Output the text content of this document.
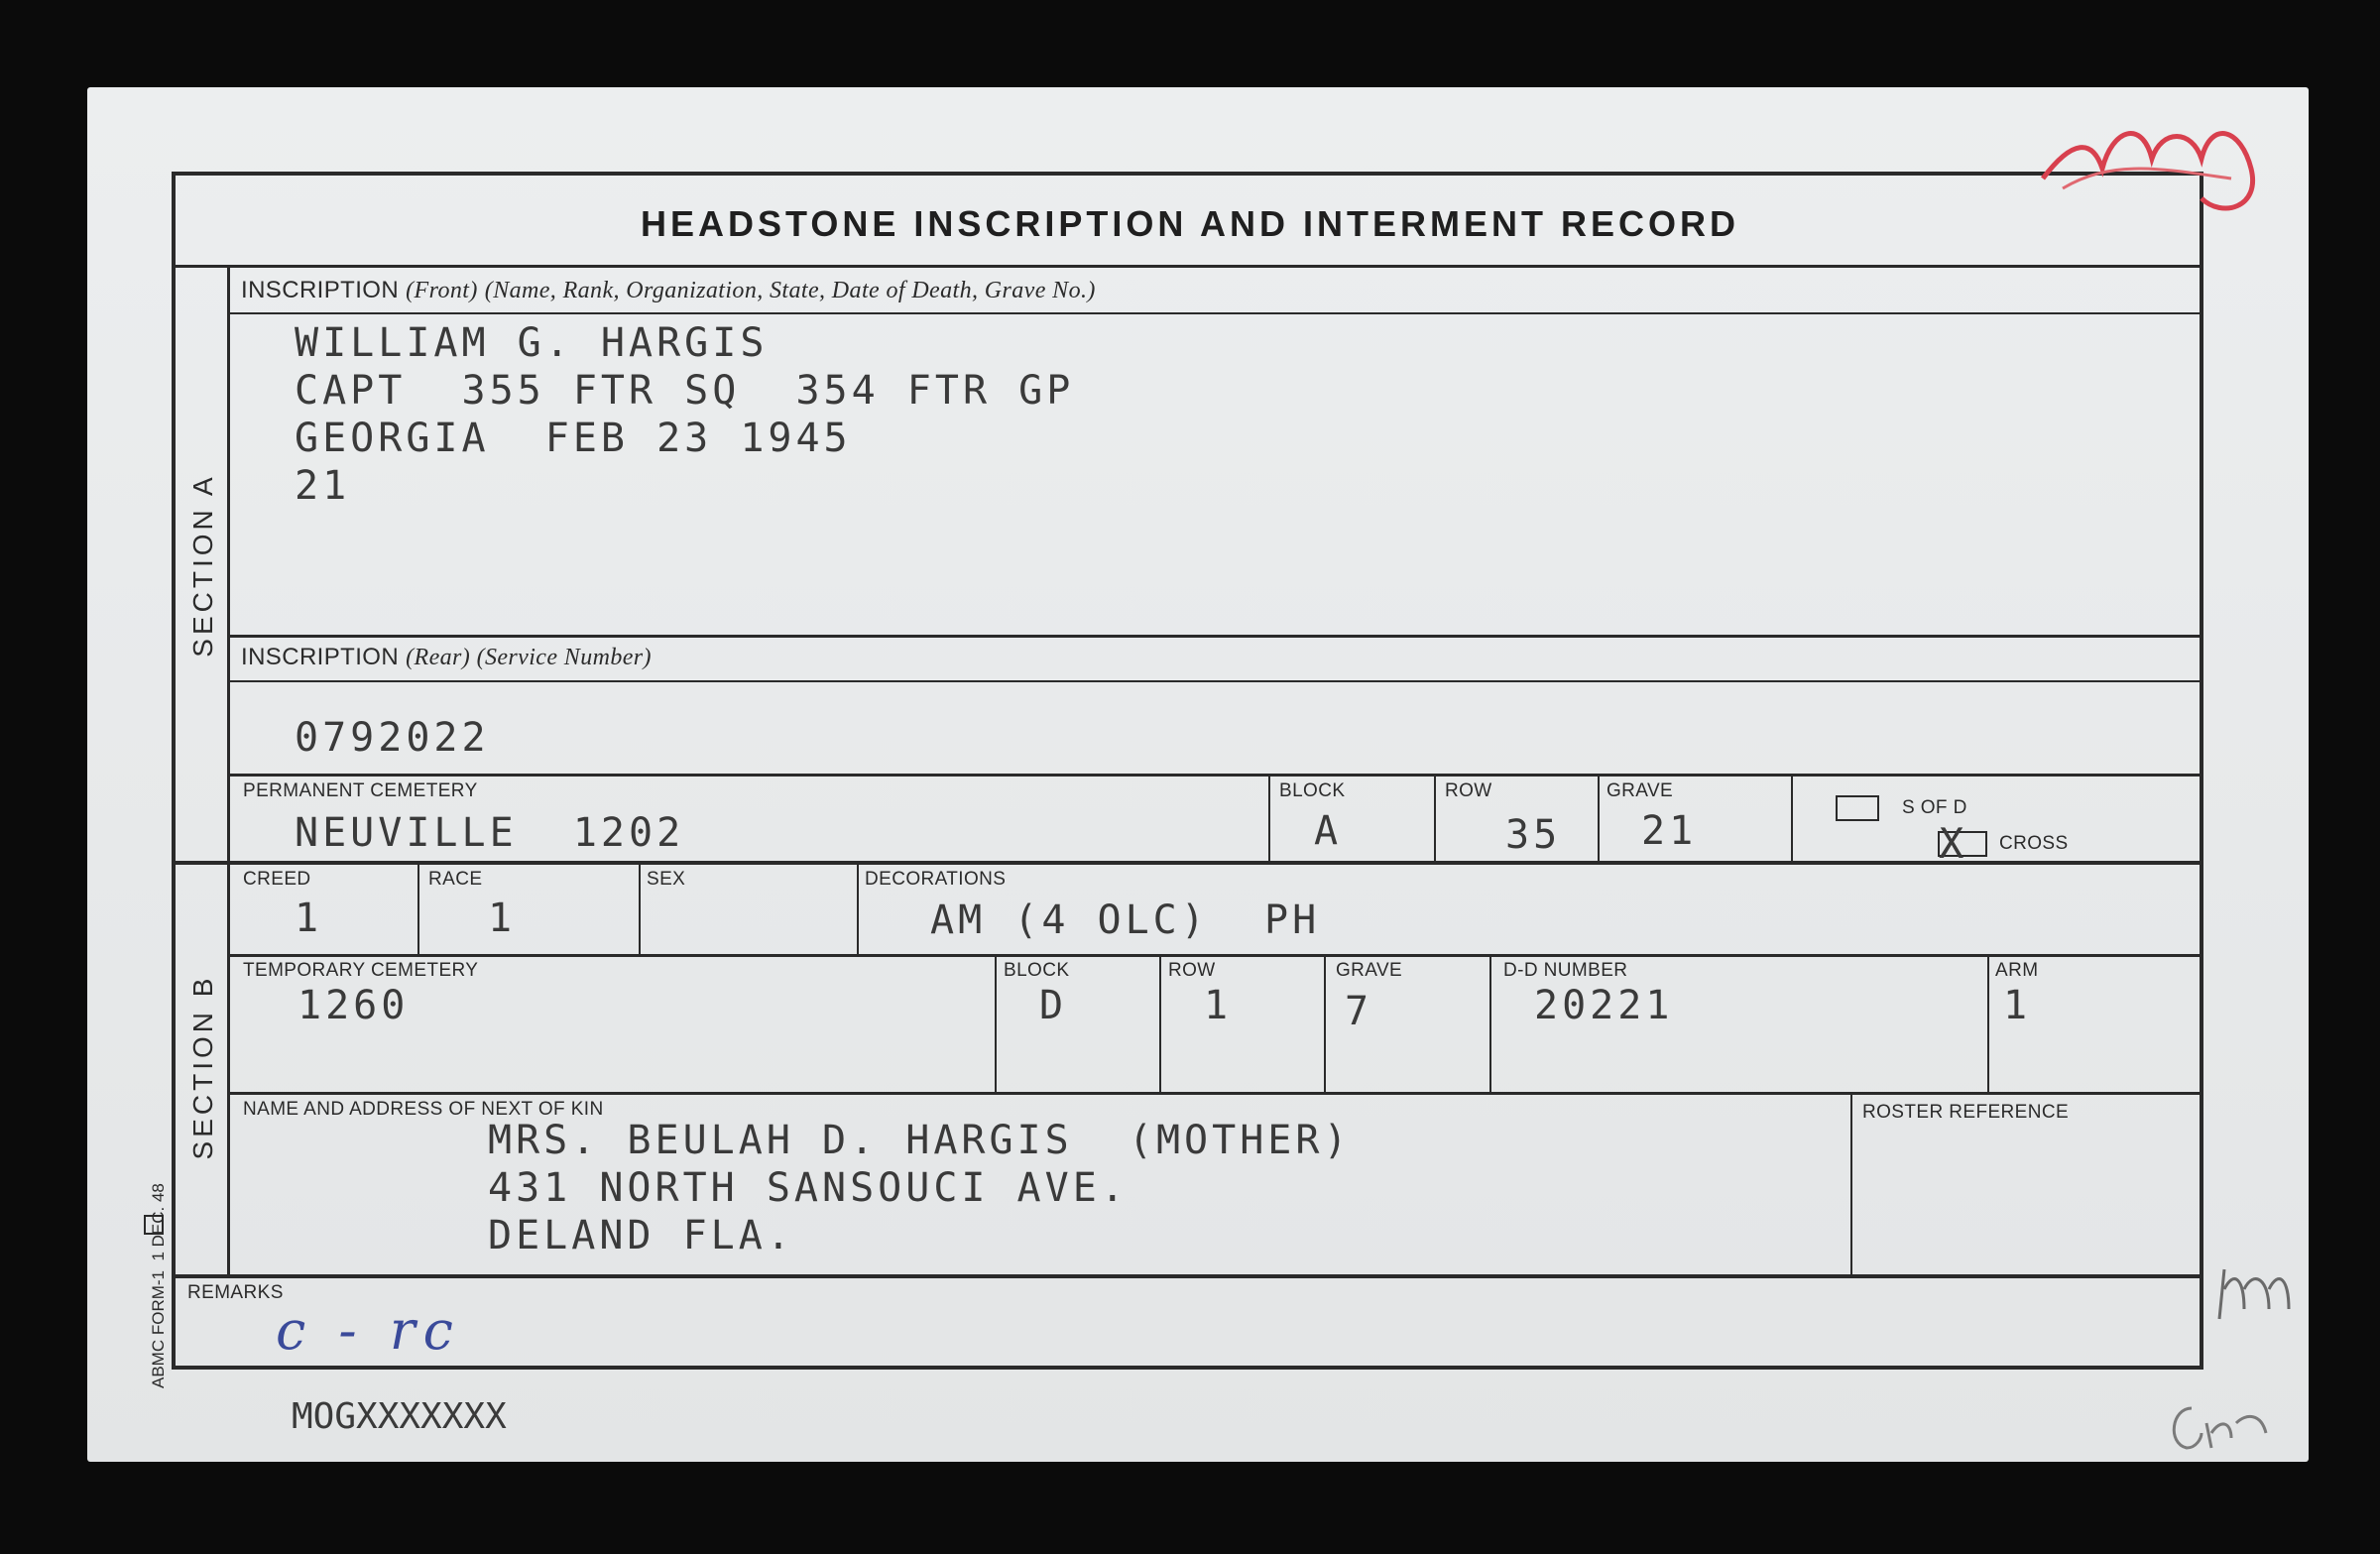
HEADSTONE INSCRIPTION AND INTERMENT RECORD
SECTION A
SECTION B
INSCRIPTION (Front) (Name, Rank, Organization, State, Date of Death, Grave No.)
WILLIAM G. HARGIS
CAPT  355 FTR SQ  354 FTR GP
GEORGIA  FEB 23 1945
21
INSCRIPTION (Rear) (Service Number)
0792022
PERMANENT CEMETERY
NEUVILLE  1202
BLOCK
A
ROW
35
GRAVE
21
S OF D
X CROSS
CREED
1
RACE
1
SEX	DECORATIONS
AM (4 OLC)  PH
TEMPORARY CEMETERY
1260
BLOCK
D
ROW
1
GRAVE
7
D-D NUMBER
20221
ARM
1
NAME AND ADDRESS OF NEXT OF KIN
MRS. BEULAH D. HARGIS  (MOTHER)
431 NORTH SANSOUCI AVE.
DELAND FLA.
ROSTER REFERENCE
REMARKS
c - rc
ABMC FORM-1  1 DEC. 48
MOGXXXXXXX
